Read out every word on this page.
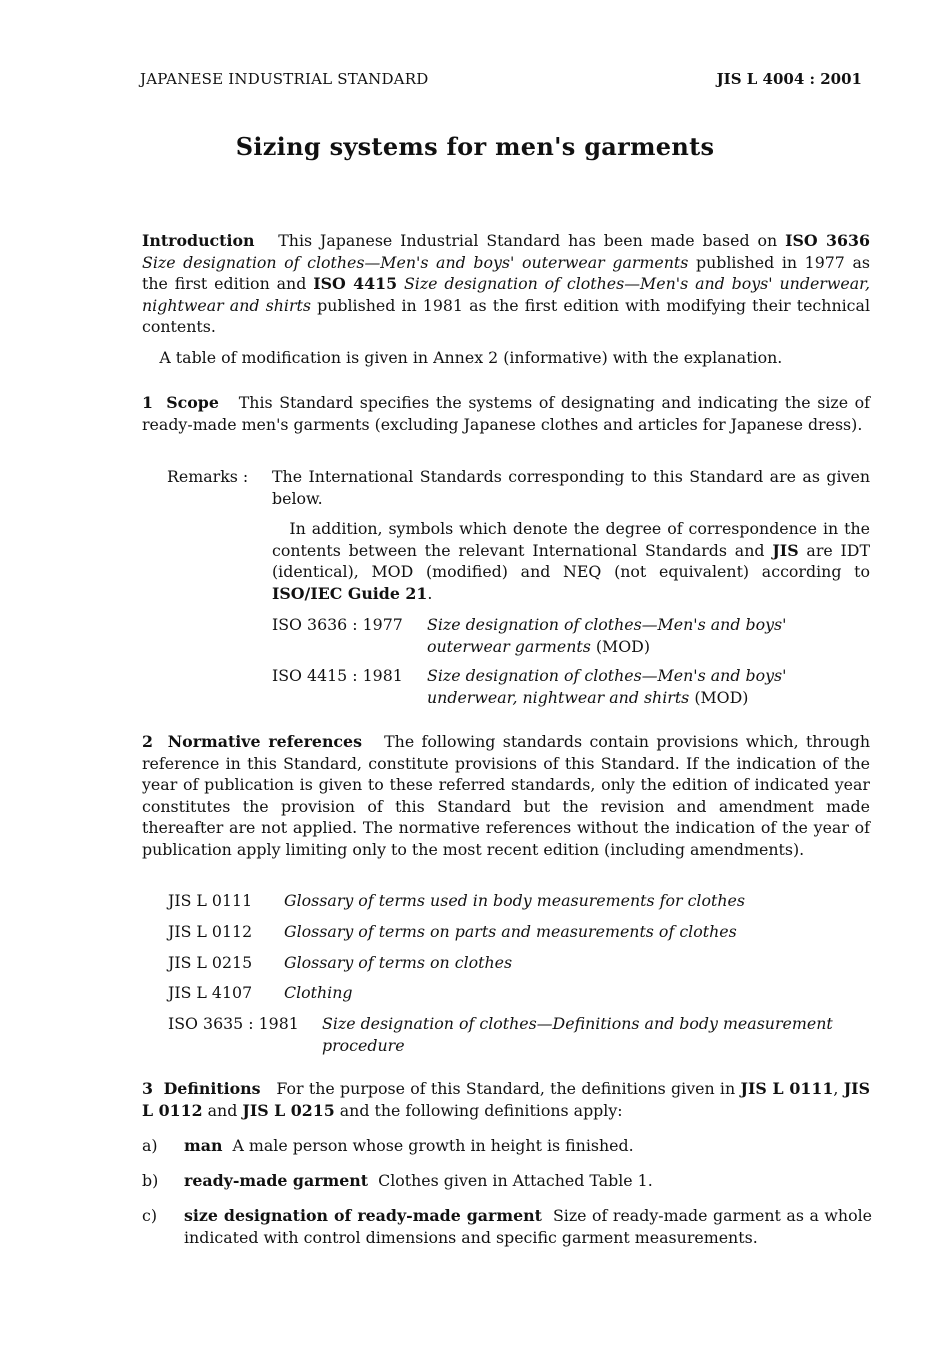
JAPANESE INDUSTRIAL STANDARD	JIS L 4004 : 2001
Sizing systems for men's garments
Introduction This Japanese Industrial Standard has been made based on ISO 3636 Size designation of clothes—Men's and boys' outerwear garments published in 1977 as the first edition and ISO 4415 Size designation of clothes—Men's and boys' underwear, nightwear and shirts published in 1981 as the first edition with modifying their technical contents.
A table of modification is given in Annex 2 (informative) with the explanation.
1 Scope This Standard specifies the systems of designating and indicating the size of ready-made men's garments (excluding Japanese clothes and articles for Japanese dress).
Remarks : The International Standards corresponding to this Standard are as given below.
In addition, symbols which denote the degree of correspondence in the contents between the relevant International Standards and JIS are IDT (identical), MOD (modified) and NEQ (not equivalent) according to ISO/IEC Guide 21.
ISO 3636 : 1977 Size designation of clothes—Men's and boys' outerwear garments (MOD)
ISO 4415 : 1981 Size designation of clothes—Men's and boys' underwear, nightwear and shirts (MOD)
2 Normative references The following standards contain provisions which, through reference in this Standard, constitute provisions of this Standard. If the indication of the year of publication is given to these referred standards, only the edition of indicated year constitutes the provision of this Standard but the revision and amendment made thereafter are not applied. The normative references without the indication of the year of publication apply limiting only to the most recent edition (including amendments).
JIS L 0111 Glossary of terms used in body measurements for clothes
JIS L 0112 Glossary of terms on parts and measurements of clothes
JIS L 0215 Glossary of terms on clothes
JIS L 4107 Clothing
ISO 3635 : 1981 Size designation of clothes—Definitions and body measurement procedure
3 Definitions For the purpose of this Standard, the definitions given in JIS L 0111, JIS L 0112 and JIS L 0215 and the following definitions apply:
a) man A male person whose growth in height is finished.
b) ready-made garment Clothes given in Attached Table 1.
c) size designation of ready-made garment Size of ready-made garment as a whole indicated with control dimensions and specific garment measurements.
